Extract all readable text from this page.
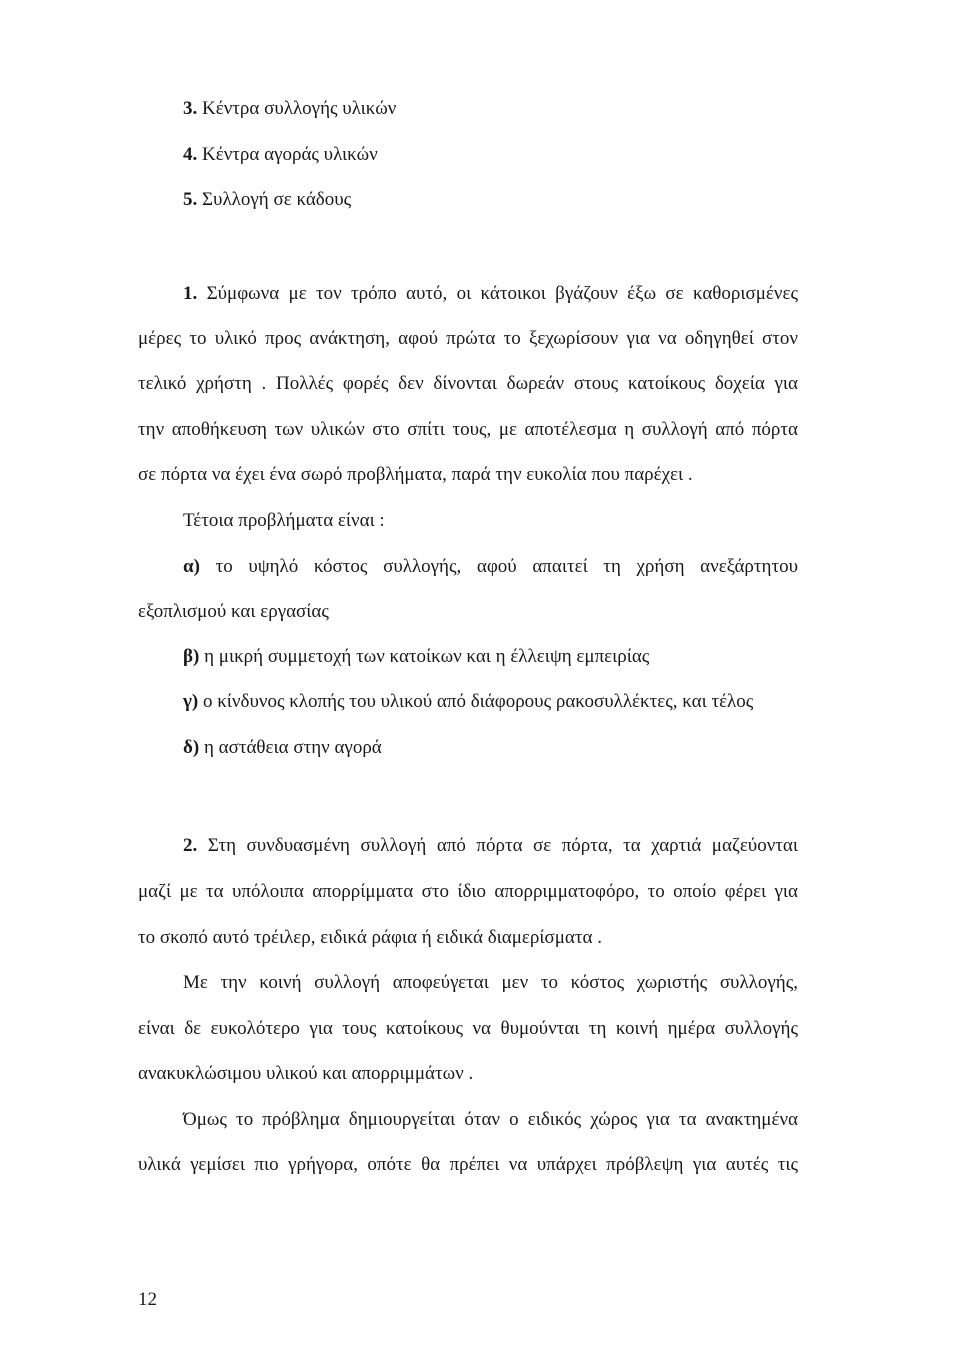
3. Κέντρα συλλογής υλικών
4. Κέντρα αγοράς υλικών
5. Συλλογή σε κάδους
1. Σύμφωνα με τον τρόπο αυτό, οι κάτοικοι βγάζουν έξω σε καθορισμένες
μέρες το υλικό προς ανάκτηση, αφού πρώτα το ξεχωρίσουν για να οδηγηθεί στον
τελικό χρήστη . Πολλές φορές δεν δίνονται δωρεάν στους κατοίκους δοχεία για
την αποθήκευση των υλικών στο σπίτι τους, με αποτέλεσμα η συλλογή από πόρτα
σε πόρτα να έχει ένα σωρό προβλήματα, παρά την ευκολία που παρέχει .
Τέτοια προβλήματα είναι :
α) το υψηλό κόστος συλλογής, αφού απαιτεί τη χρήση ανεξάρτητου
εξοπλισμού και εργασίας
β) η μικρή συμμετοχή των κατοίκων και η έλλειψη εμπειρίας
γ) ο κίνδυνος κλοπής του υλικού από διάφορους ρακοσυλλέκτες, και τέλος
δ) η αστάθεια στην αγορά
2. Στη συνδυασμένη συλλογή από πόρτα σε πόρτα, τα χαρτιά μαζεύονται
μαζί με τα υπόλοιπα απορρίμματα στο ίδιο απορριμματοφόρο, το οποίο φέρει για
το σκοπό αυτό τρέιλερ, ειδικά ράφια ή ειδικά διαμερίσματα .
Με την κοινή συλλογή αποφεύγεται μεν το κόστος χωριστής συλλογής,
είναι δε ευκολότερο για τους κατοίκους να θυμούνται τη κοινή ημέρα συλλογής
ανακυκλώσιμου υλικού και απορριμμάτων .
Όμως το πρόβλημα δημιουργείται όταν ο ειδικός χώρος για τα ανακτημένα
υλικά γεμίσει πιο γρήγορα, οπότε θα πρέπει να υπάρχει πρόβλεψη για αυτές τις
12
